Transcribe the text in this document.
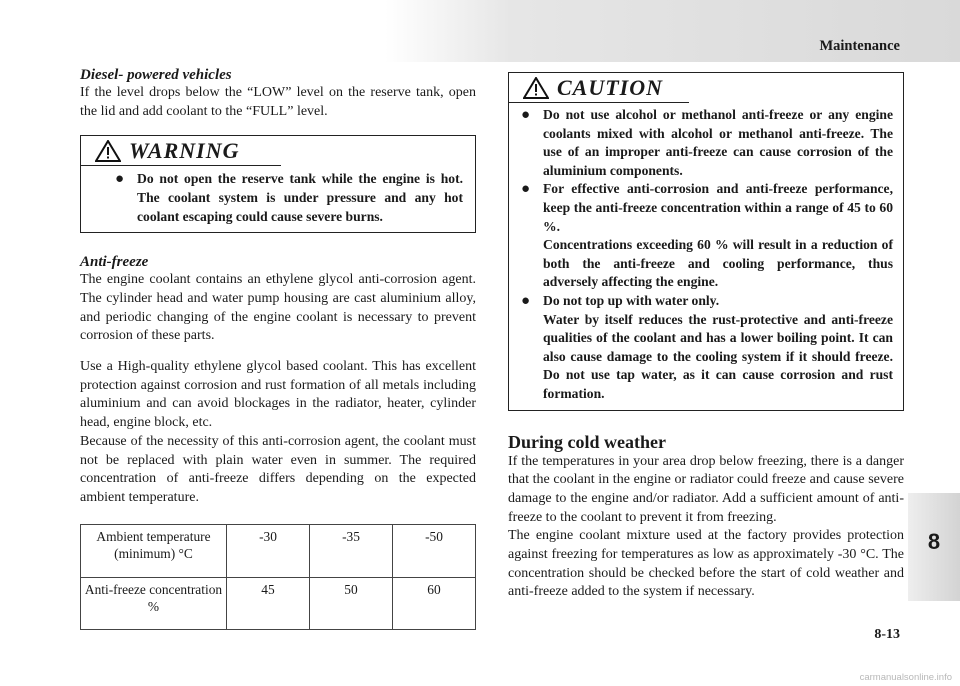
Maintenance
8
Diesel- powered vehicles

If the level drops below the “LOW” level on the reserve tank, open the lid and add coolant to the “FULL” level.

WARNING
● Do not open the reserve tank while the engine is hot. The coolant system is under pressure and any hot coolant escaping could cause severe burns.
Anti-freeze

The engine coolant contains an ethylene glycol anti-corrosion agent. The cylinder head and water pump housing are cast aluminium alloy, and periodic changing of the engine coolant is necessary to prevent corrosion of these parts.

Use a High-quality ethylene glycol based coolant. This has excellent protection against corrosion and rust formation of all metals including aluminium and can avoid blockages in the radiator, heater, cylinder head, engine block, etc.

Because of the necessity of this anti-corrosion agent, the coolant must not be replaced with plain water even in summer. The required concentration of anti-freeze differs depending on the expected ambient temperature.

Ambient temperature (minimum) °C	-30	-35	-50
Anti-freeze concentration %	45	50	60
CAUTION
● Do not use alcohol or methanol anti-freeze or any engine coolants mixed with alcohol or methanol anti-freeze. The use of an improper anti-freeze can cause corrosion of the aluminium components.
● For effective anti-corrosion and anti-freeze performance, keep the anti-freeze concentration within a range of 45 to 60 %.
Concentrations exceeding 60 % will result in a reduction of both the anti-freeze and cooling performance, thus adversely affecting the engine.
● Do not top up with water only.
Water by itself reduces the rust-protective and anti-freeze qualities of the coolant and has a lower boiling point. It can also cause damage to the cooling system if it should freeze. Do not use tap water, as it can cause corrosion and rust formation.
During cold weather

If the temperatures in your area drop below freezing, there is a danger that the coolant in the engine or radiator could freeze and cause severe damage to the engine and/or radiator. Add a sufficient amount of anti-freeze to the coolant to prevent it from freezing.

The engine coolant mixture used at the factory provides protection against freezing for temperatures as low as approximately -30 °C. The concentration should be checked before the start of cold weather and anti-freeze added to the system if necessary.

8-13
carmanualsonline.info
